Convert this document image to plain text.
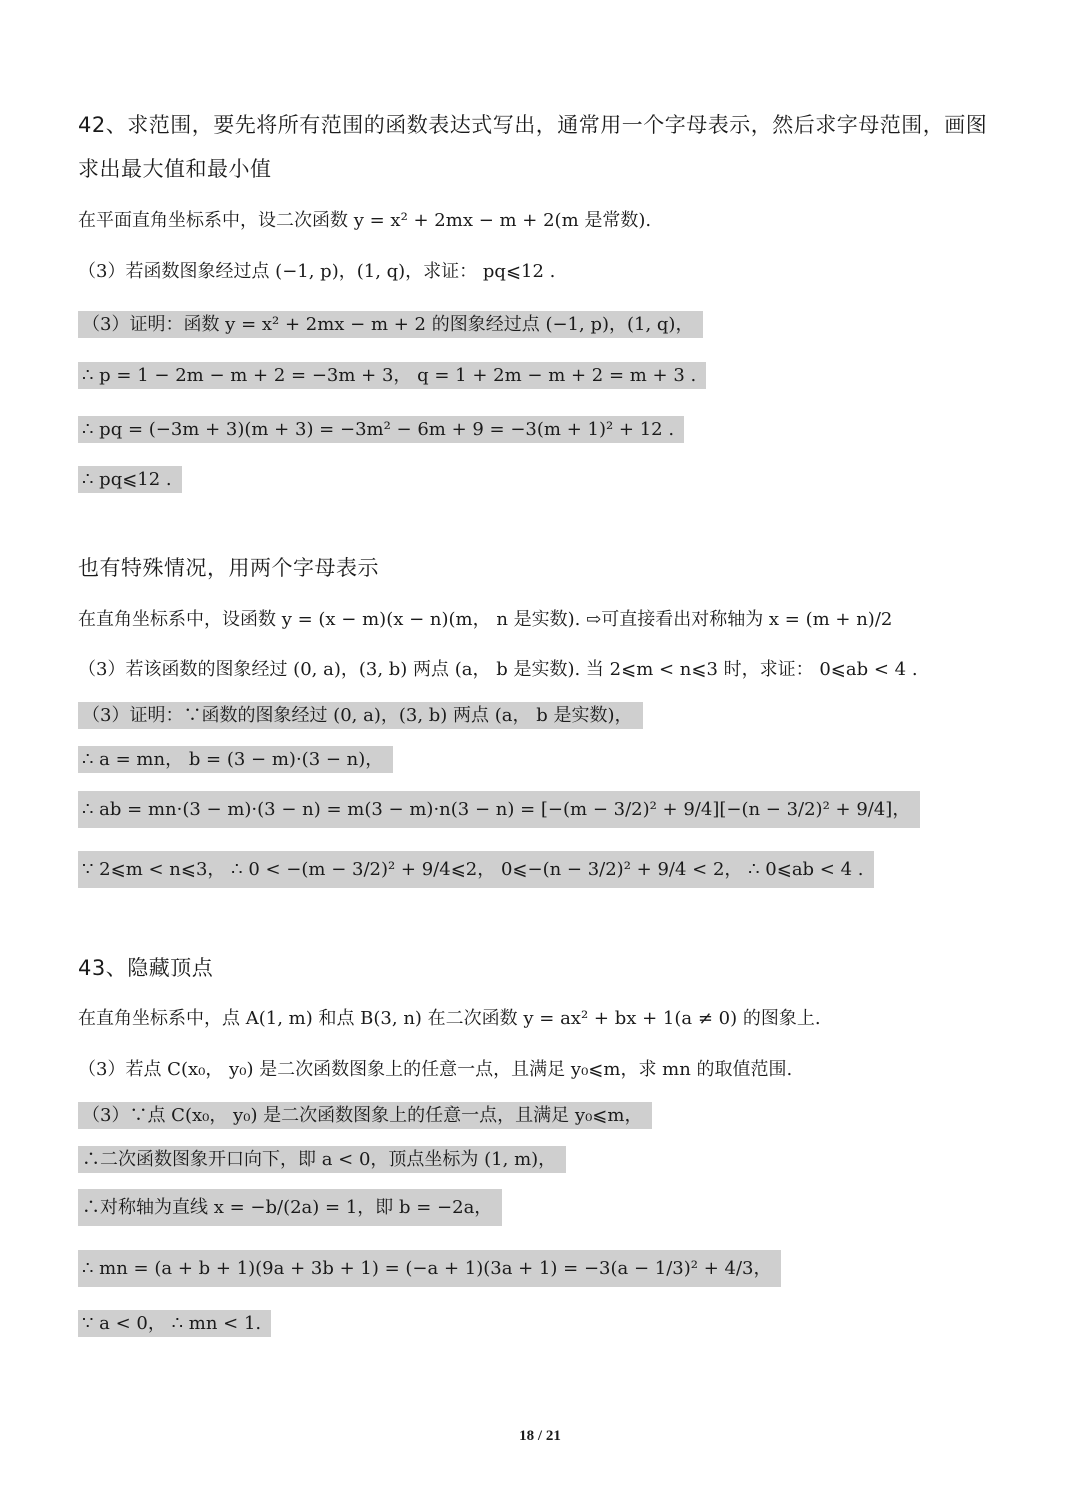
42、求范围，要先将所有范围的函数表达式写出，通常用一个字母表示，然后求字母范围，画图求出最大值和最小值
在平面直角坐标系中，设二次函数 y = x² + 2mx − m + 2(m 是常数).
（3）若函数图象经过点 (−1, p)，(1, q)，求证： pq⩽12 .
（3）证明：函数 y = x² + 2mx − m + 2 的图象经过点 (−1, p)，(1, q)，
∴ p = 1 − 2m − m + 2 = −3m + 3， q = 1 + 2m − m + 2 = m + 3 .
∴ pq = (−3m + 3)(m + 3) = −3m² − 6m + 9 = −3(m + 1)² + 12 .
∴ pq⩽12 .
也有特殊情况，用两个字母表示
在直角坐标系中，设函数 y = (x − m)(x − n)(m， n 是实数). ⇨可直接看出对称轴为 x = (m + n)/2
（3）若该函数的图象经过 (0, a)，(3, b) 两点 (a， b 是实数). 当 2⩽m < n⩽3 时，求证： 0⩽ab < 4 .
（3）证明：∵函数的图象经过 (0, a)，(3, b) 两点 (a， b 是实数)，
∴ a = mn， b = (3 − m)·(3 − n)，
∴ ab = mn·(3 − m)·(3 − n) = m(3 − m)·n(3 − n) = [−(m − 3/2)² + 9/4][−(n − 3/2)² + 9/4]，
∵ 2⩽m < n⩽3， ∴ 0 < −(m − 3/2)² + 9/4⩽2， 0⩽−(n − 3/2)² + 9/4 < 2， ∴ 0⩽ab < 4 .
43、隐藏顶点
在直角坐标系中，点 A(1, m) 和点 B(3, n) 在二次函数 y = ax² + bx + 1(a ≠ 0) 的图象上.
（3）若点 C(x₀， y₀) 是二次函数图象上的任意一点，且满足 y₀⩽m，求 mn 的取值范围.
（3）∵点 C(x₀， y₀) 是二次函数图象上的任意一点，且满足 y₀⩽m，
∴二次函数图象开口向下，即 a < 0，顶点坐标为 (1, m)，
∴对称轴为直线 x = −b/(2a) = 1，即 b = −2a，
∴ mn = (a + b + 1)(9a + 3b + 1) = (−a + 1)(3a + 1) = −3(a − 1/3)² + 4/3，
∵ a < 0， ∴ mn < 1.
18 / 21
